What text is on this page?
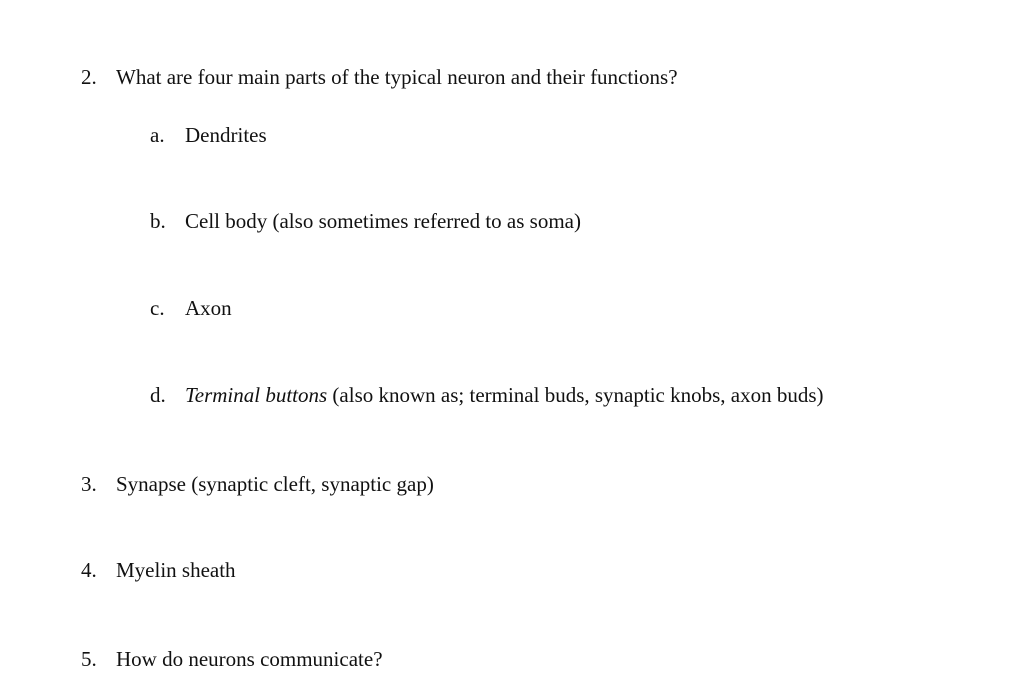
2. What are four main parts of the typical neuron and their functions?
a. Dendrites
b. Cell body (also sometimes referred to as soma)
c. Axon
d. Terminal buttons (also known as; terminal buds, synaptic knobs, axon buds)
3. Synapse (synaptic cleft, synaptic gap)
4. Myelin sheath
5. How do neurons communicate?
